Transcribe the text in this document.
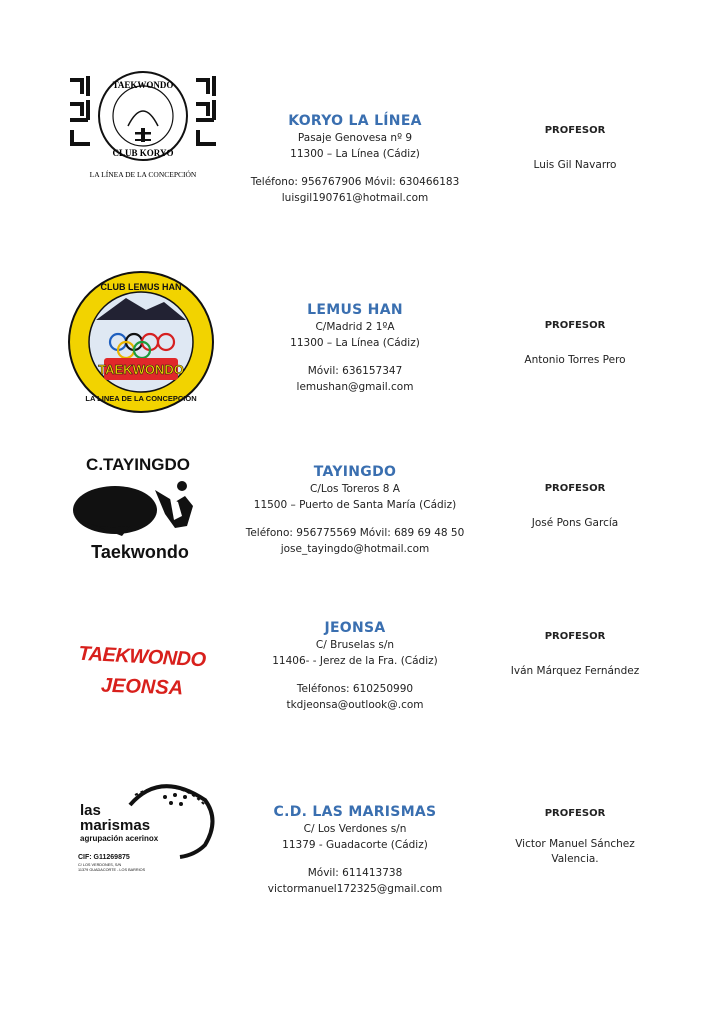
TAEKWONDO
CLUB KORYO
LA LÍNEA DE LA CONCEPCIÓN
KORYO LA LÍNEA
Pasaje Genovesa nº 9
11300 – La Línea (Cádiz)
Teléfono: 956767906 Móvil: 630466183
luisgil190761@hotmail.com
PROFESOR
Luis Gil Navarro
TAEKWONDO
CLUB LEMUS HAN
LA LINEA DE LA CONCEPCION
LEMUS HAN
C/Madrid 2 1ºA
11300 – La Línea (Cádiz)
Móvil: 636157347
lemushan@gmail.com
PROFESOR
Antonio Torres Pero
C.TAYINGDO
Taekwondo
TAYINGDO
C/Los Toreros 8 A
11500 – Puerto de Santa María (Cádiz)
Teléfono: 956775569 Móvil: 689 69 48 50
jose_tayingdo@hotmail.com
PROFESOR
José Pons García
TAEKWONDO
JEONSA
JEONSA
C/ Bruselas s/n
11406- - Jerez de la Fra. (Cádiz)
Teléfonos: 610250990
tkdjeonsa@outlook@.com
PROFESOR
Iván Márquez Fernández
las
marismas
agrupación acerinox
CIF: G11269875
C/ LOS VERDONES, S/N
11379 GUADACORTE - LOS BARRIOS
C.D. LAS MARISMAS
C/ Los Verdones s/n
11379 - Guadacorte (Cádiz)
Móvil: 611413738
victormanuel172325@gmail.com
PROFESOR
Victor Manuel Sánchez Valencia.
